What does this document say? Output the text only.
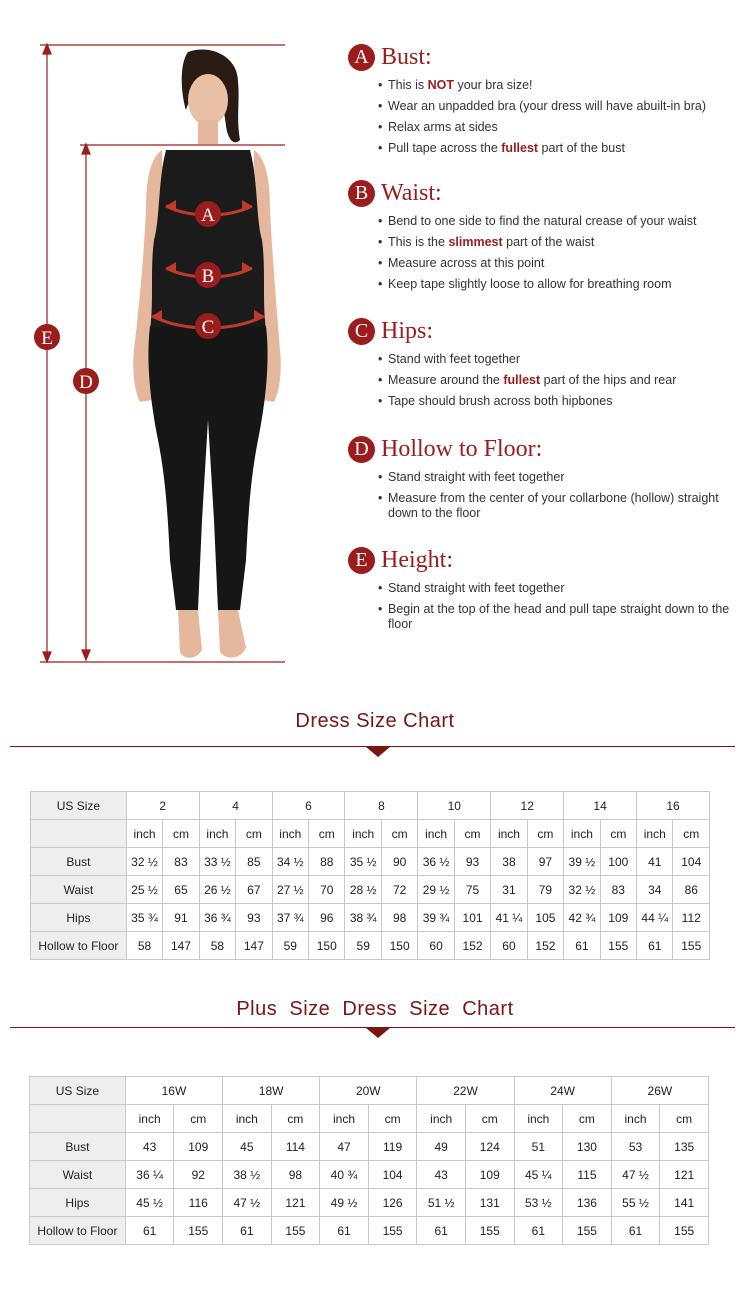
A
B
C
D
E
A Bust:
• This is NOT your bra size!
• Wear an unpadded bra (your dress will have abuilt-in bra)
• Relax arms at sides
• Pull tape across the fullest part of the bust
B Waist:
• Bend to one side to find the natural crease of your waist
• This is the slimmest part of the waist
• Measure across at this point
• Keep tape slightly loose to allow for breathing room
C Hips:
• Stand with feet together
• Measure around the fullest part of the hips and rear
• Tape should brush across both hipbones
D Hollow to Floor:
• Stand straight with feet together
• Measure from the center of your collarbone (hollow) straight down to the floor
E Height:
• Stand straight with feet together
• Begin at the top of the head and pull tape straight down to the floor
Dress Size Chart
US Size	2		4		6		8		10		12		14		16	
	inch	cm	inch	cm	inch	cm	inch	cm	inch	cm	inch	cm	inch	cm	inch	cm
Bust	32 ½	83	33 ½	85	34 ½	88	35 ½	90	36 ½	93	38	97	39 ½	100	41	104
Waist	25 ½	65	26 ½	67	27 ½	70	28 ½	72	29 ½	75	31	79	32 ½	83	34	86
Hips	35 ¾	91	36 ¾	93	37 ¾	96	38 ¾	98	39 ¾	101	41 ¼	105	42 ¾	109	44 ¼	112
Hollow to Floor	58	147	58	147	59	150	59	150	60	152	60	152	61	155	61	155
Plus  Size  Dress  Size  Chart
US Size	16W		18W		20W		22W		24W		26W	
	inch	cm	inch	cm	inch	cm	inch	cm	inch	cm	inch	cm
Bust	43	109	45	114	47	119	49	124	51	130	53	135
Waist	36 ¼	92	38 ½	98	40 ¾	104	43	109	45 ¼	115	47 ½	121
Hips	45 ½	116	47 ½	121	49 ½	126	51 ½	131	53 ½	136	55 ½	141
Hollow to Floor	61	155	61	155	61	155	61	155	61	155	61	155
